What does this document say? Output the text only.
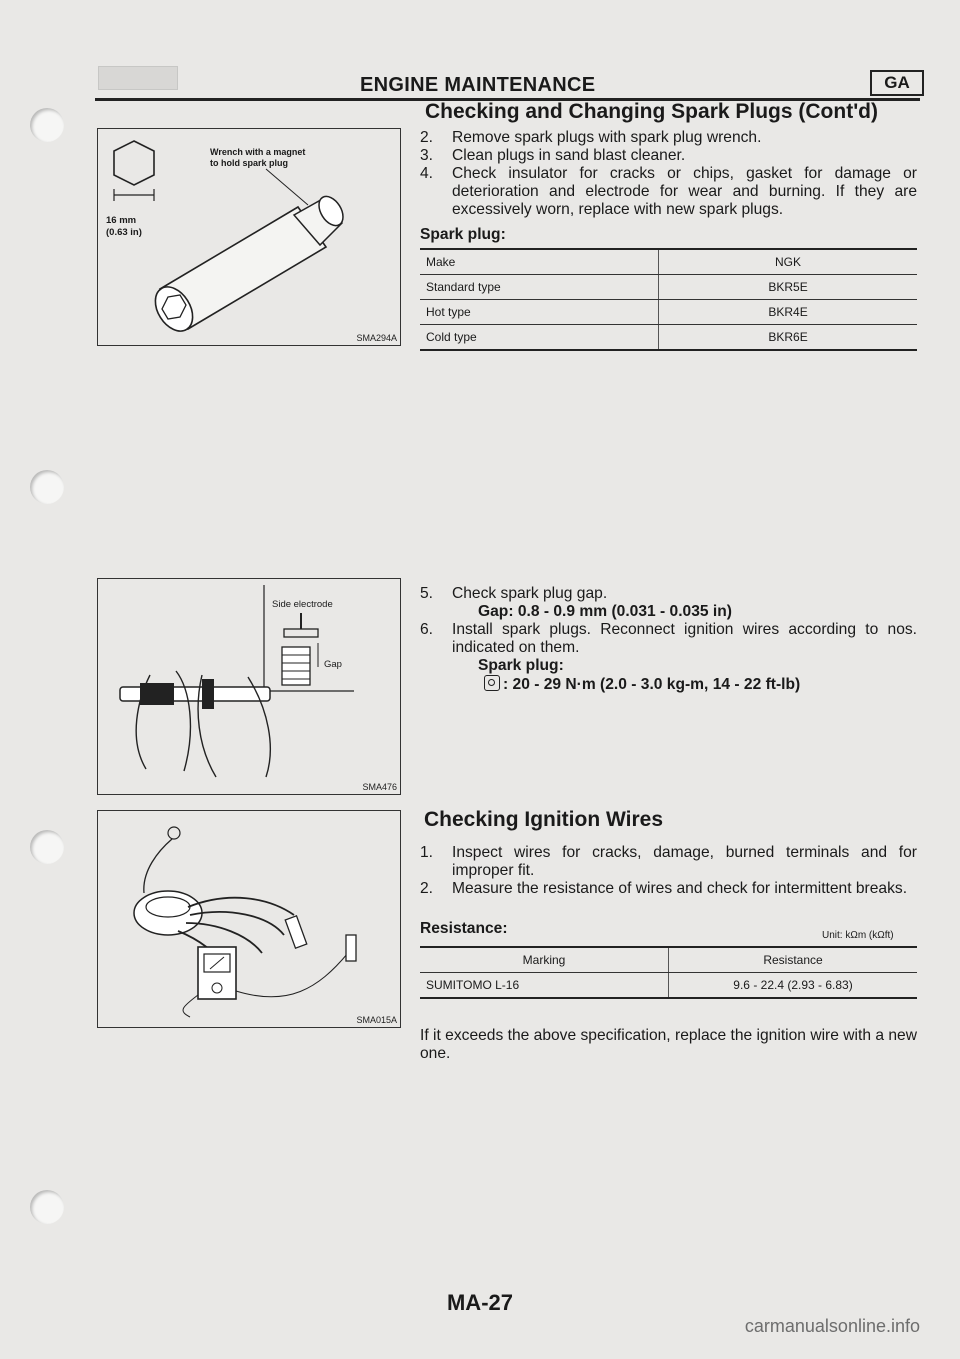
ENGINE MAINTENANCE	GA
Checking and Changing Spark Plugs (Cont'd)
Wrench with a magnet to hold spark plug
16 mm
(0.63 in)
SMA294A
2.	Remove spark plugs with spark plug wrench.
3.	Clean plugs in sand blast cleaner.
4.	Check insulator for cracks or chips, gasket for damage or deterioration and electrode for wear and burning. If they are excessively worn, replace with new spark plugs.
Spark plug:
Make	NGK
Standard type	BKR5E
Hot type	BKR4E
Cold type	BKR6E
Side electrode
Gap
SMA476
5.	Check spark plug gap.
Gap: 0.8 - 0.9 mm (0.031 - 0.035 in)
6.	Install spark plugs. Reconnect ignition wires according to nos. indicated on them.
Spark plug:
: 20 - 29 N·m (2.0 - 3.0 kg-m, 14 - 22 ft-lb)
SMA015A
Checking Ignition Wires
1.	Inspect wires for cracks, damage, burned terminals and for improper fit.
2.	Measure the resistance of wires and check for intermittent breaks.
Resistance:	Unit: kΩm (kΩft)
Marking	Resistance
SUMITOMO L-16	9.6 - 22.4 (2.93 - 6.83)
If it exceeds the above specification, replace the ignition wire with a new one.
MA-27
carmanualsonline.info
